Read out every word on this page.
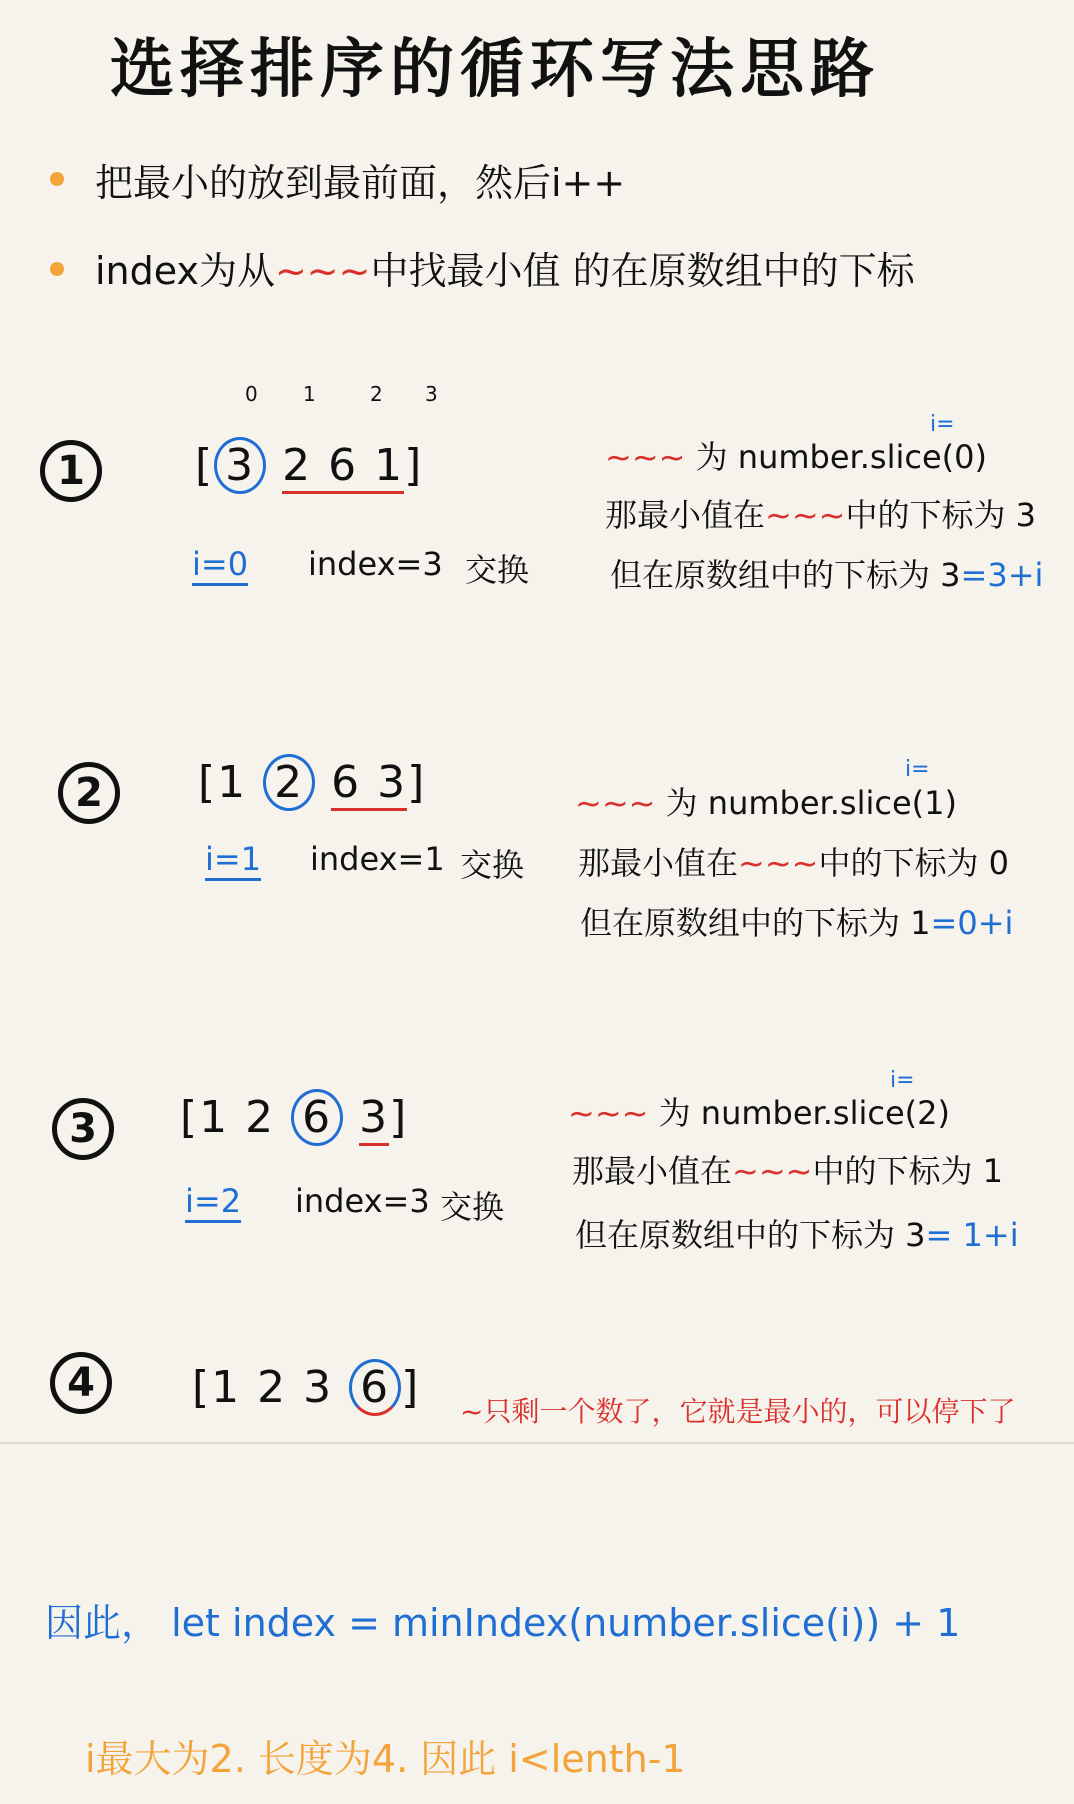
选择排序的循环写法思路
把最小的放到最前面，然后i++
index为从~~~中找最小值 的在原数组中的下标
1
0 1	2 3
[ 3 2 6 1]
i=0 index=3 交换
i=
~~~ 为 number.slice(0)
那最小值在~~~中的下标为 3
但在原数组中的下标为 3=3+i
2	[1 2 6 3]
i=1 index=1 交换
i=
~~~ 为 number.slice(1)
那最小值在~~~中的下标为 0
但在原数组中的下标为 1=0+i
3	[1 2 6 3]
i=2 index=3 交换
i=
~~~ 为 number.slice(2)
那最小值在~~~中的下标为 1
但在原数组中的下标为 3= 1+i
4	[1 2 3 6 ] ~只剩一个数了，它就是最小的，可以停下了
因此， let index = minIndex(number.slice(i)) + 1
i最大为2. 长度为4. 因此 i<lenth-1
